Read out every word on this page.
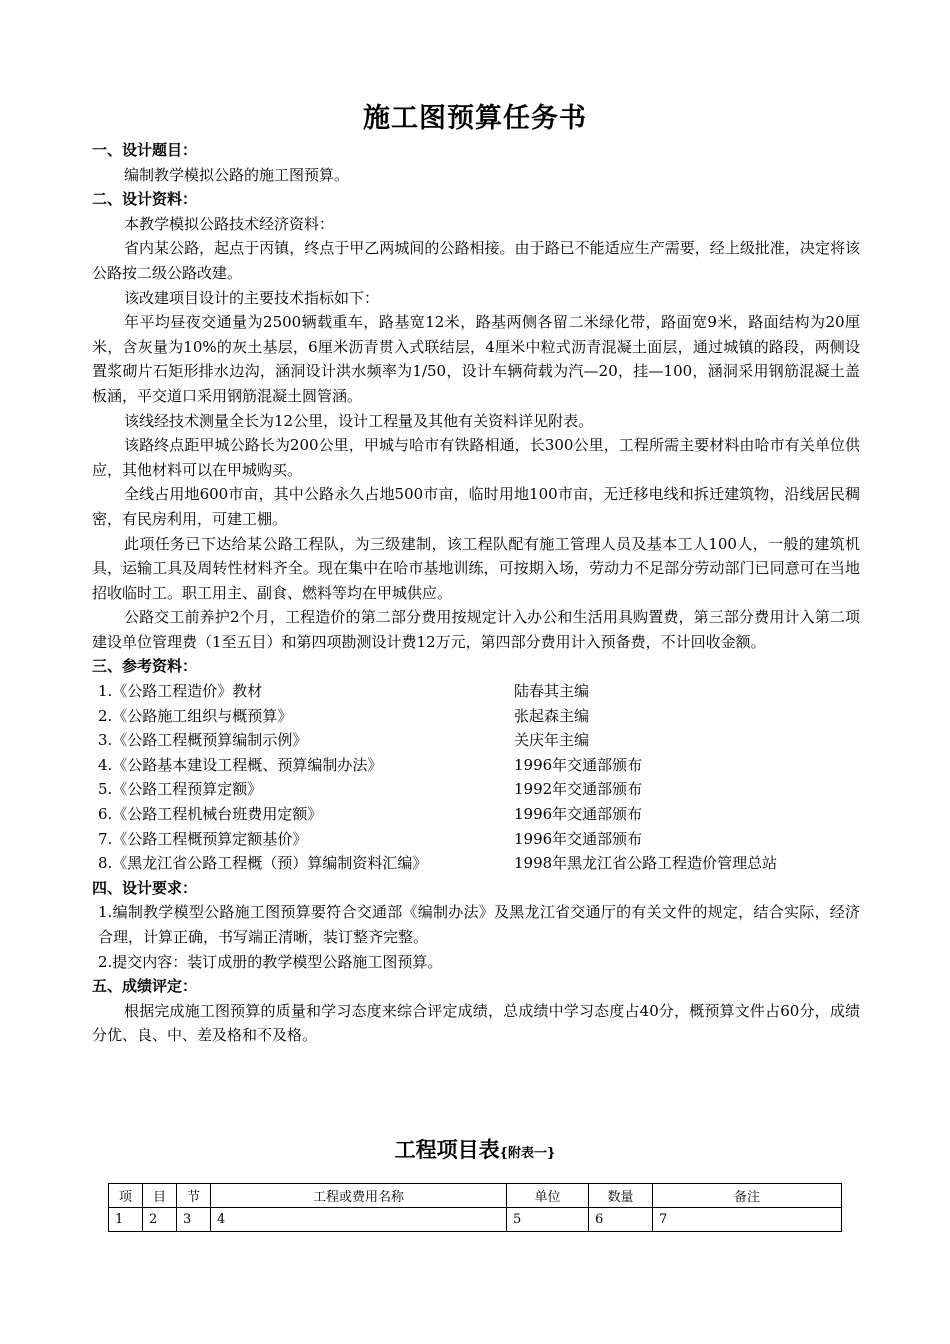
施工图预算任务书
一、设计题目：
编制教学模拟公路的施工图预算。
二、设计资料：
本教学模拟公路技术经济资料：
省内某公路，起点于丙镇，终点于甲乙两城间的公路相接。由于路已不能适应生产需要，经上级批准，决定将该公路按二级公路改建。
该改建项目设计的主要技术指标如下：
年平均昼夜交通量为2500辆载重车，路基宽12米，路基两侧各留二米绿化带，路面宽9米，路面结构为20厘米，含灰量为10%的灰土基层，6厘米沥青贯入式联结层，4厘米中粒式沥青混凝土面层，通过城镇的路段，两侧设置浆砌片石矩形排水边沟，涵洞设计洪水频率为1/50，设计车辆荷载为汽—20，挂—100，涵洞采用钢筋混凝土盖板涵，平交道口采用钢筋混凝土圆管涵。
该线经技术测量全长为12公里，设计工程量及其他有关资料详见附表。
该路终点距甲城公路长为200公里，甲城与哈市有铁路相通，长300公里，工程所需主要材料由哈市有关单位供应，其他材料可以在甲城购买。
全线占用地600市亩，其中公路永久占地500市亩，临时用地100市亩，无迁移电线和拆迁建筑物，沿线居民稠密，有民房利用，可建工棚。
此项任务已下达给某公路工程队，为三级建制，该工程队配有施工管理人员及基本工人100人，一般的建筑机具，运输工具及周转性材料齐全。现在集中在哈市基地训练，可按期入场，劳动力不足部分劳动部门已同意可在当地招收临时工。职工用主、副食、燃料等均在甲城供应。
公路交工前养护2个月，工程造价的第二部分费用按规定计入办公和生活用具购置费，第三部分费用计入第二项建设单位管理费（1至五目）和第四项勘测设计费12万元，第四部分费用计入预备费，不计回收金额。
三、参考资料：
1.《公路工程造价》教材	陆春其主编
2.《公路施工组织与概预算》	张起森主编
3.《公路工程概预算编制示例》	关庆年主编
4.《公路基本建设工程概、预算编制办法》	1996年交通部颁布
5.《公路工程预算定额》	1992年交通部颁布
6.《公路工程机械台班费用定额》	1996年交通部颁布
7.《公路工程概预算定额基价》	1996年交通部颁布
8.《黑龙江省公路工程概（预）算编制资料汇编》	1998年黑龙江省公路工程造价管理总站
四、设计要求：
1.编制教学模型公路施工图预算要符合交通部《编制办法》及黑龙江省交通厅的有关文件的规定，结合实际，经济合理，计算正确，书写端正清晰，装订整齐完整。
2.提交内容：装订成册的教学模型公路施工图预算。
五、成绩评定：
根据完成施工图预算的质量和学习态度来综合评定成绩，总成绩中学习态度占40分，概预算文件占60分，成绩分优、良、中、差及格和不及格。
工程项目表{附表一}
项	目	节	工程或费用名称	单位	数量	备注
1	2	3	4	5	6	7
